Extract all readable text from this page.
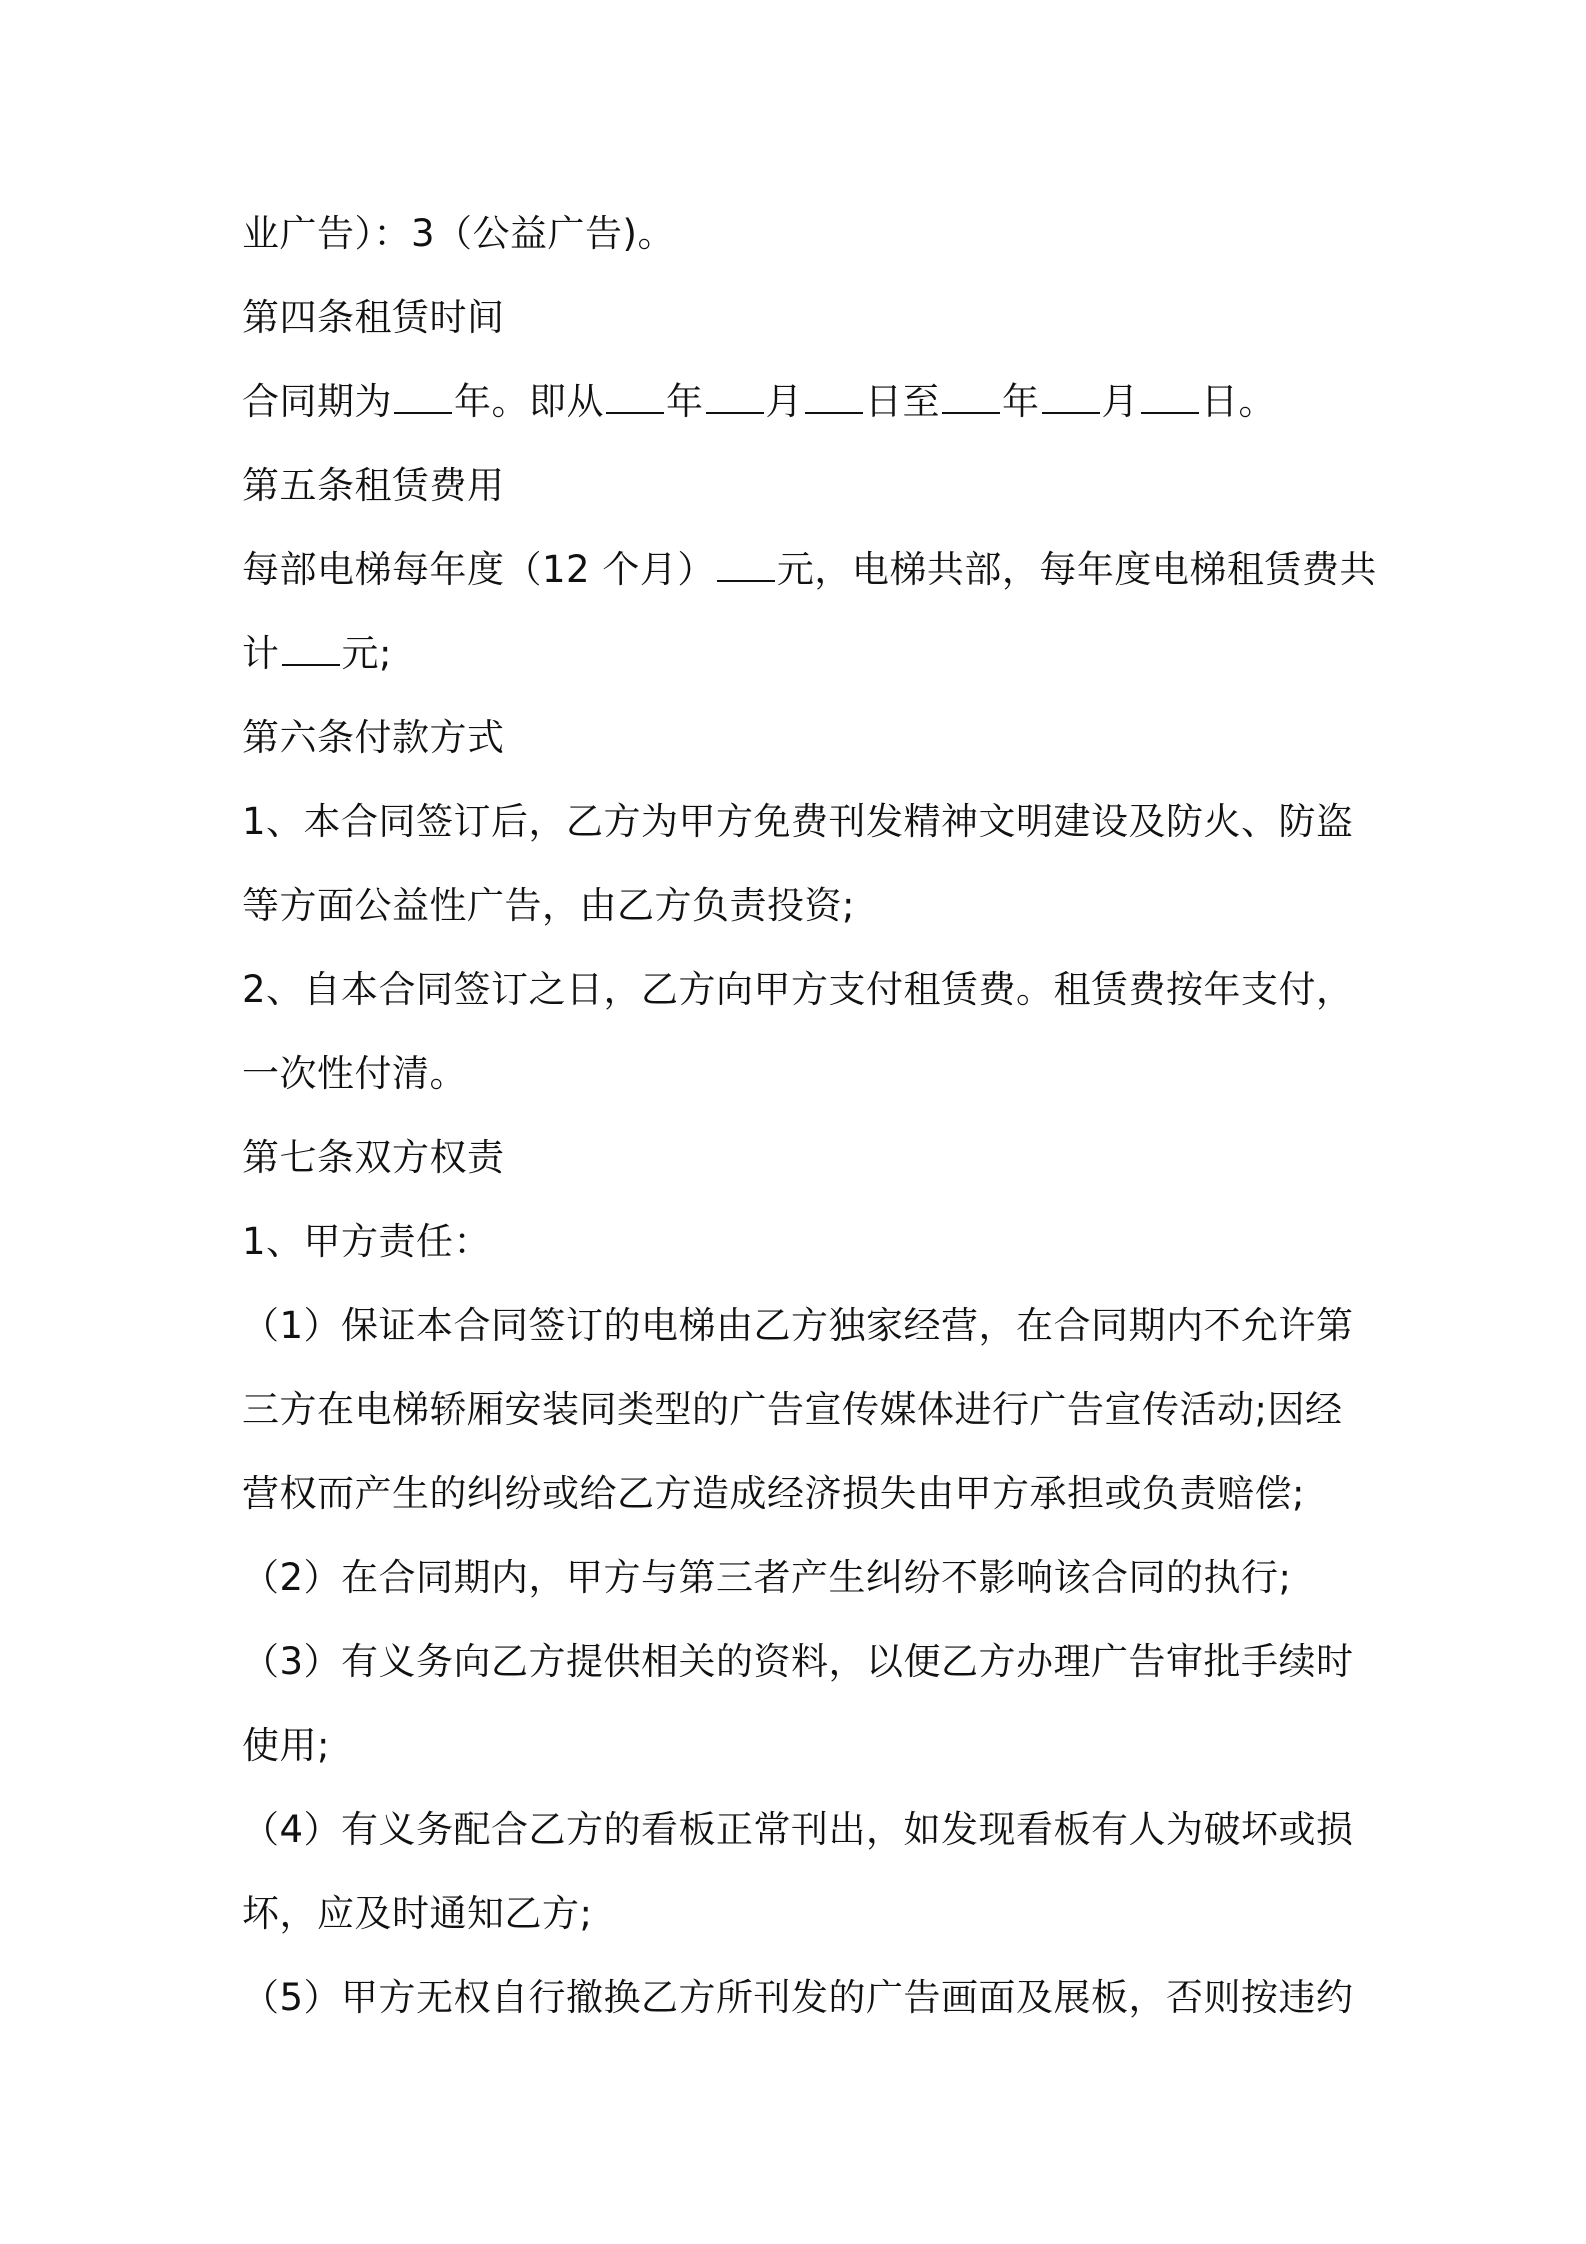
业广告）：3（公益广告)。
第四条租赁时间
合同期为 年。即从 年 月 日至 年 月 日。
第五条租赁费用
每部电梯每年度（12 个月） 元，电梯共部，每年度电梯租赁费共
计 元;
第六条付款方式
1、本合同签订后，乙方为甲方免费刊发精神文明建设及防火、防盗
等方面公益性广告，由乙方负责投资;
2、自本合同签订之日，乙方向甲方支付租赁费。租赁费按年支付，
一次性付清。
第七条双方权责
1、甲方责任：
（1）保证本合同签订的电梯由乙方独家经营，在合同期内不允许第
三方在电梯轿厢安装同类型的广告宣传媒体进行广告宣传活动;因经
营权而产生的纠纷或给乙方造成经济损失由甲方承担或负责赔偿;
（2）在合同期内，甲方与第三者产生纠纷不影响该合同的执行;
（3）有义务向乙方提供相关的资料，以便乙方办理广告审批手续时
使用;
（4）有义务配合乙方的看板正常刊出，如发现看板有人为破坏或损
坏，应及时通知乙方;
（5）甲方无权自行撤换乙方所刊发的广告画面及展板，否则按违约
